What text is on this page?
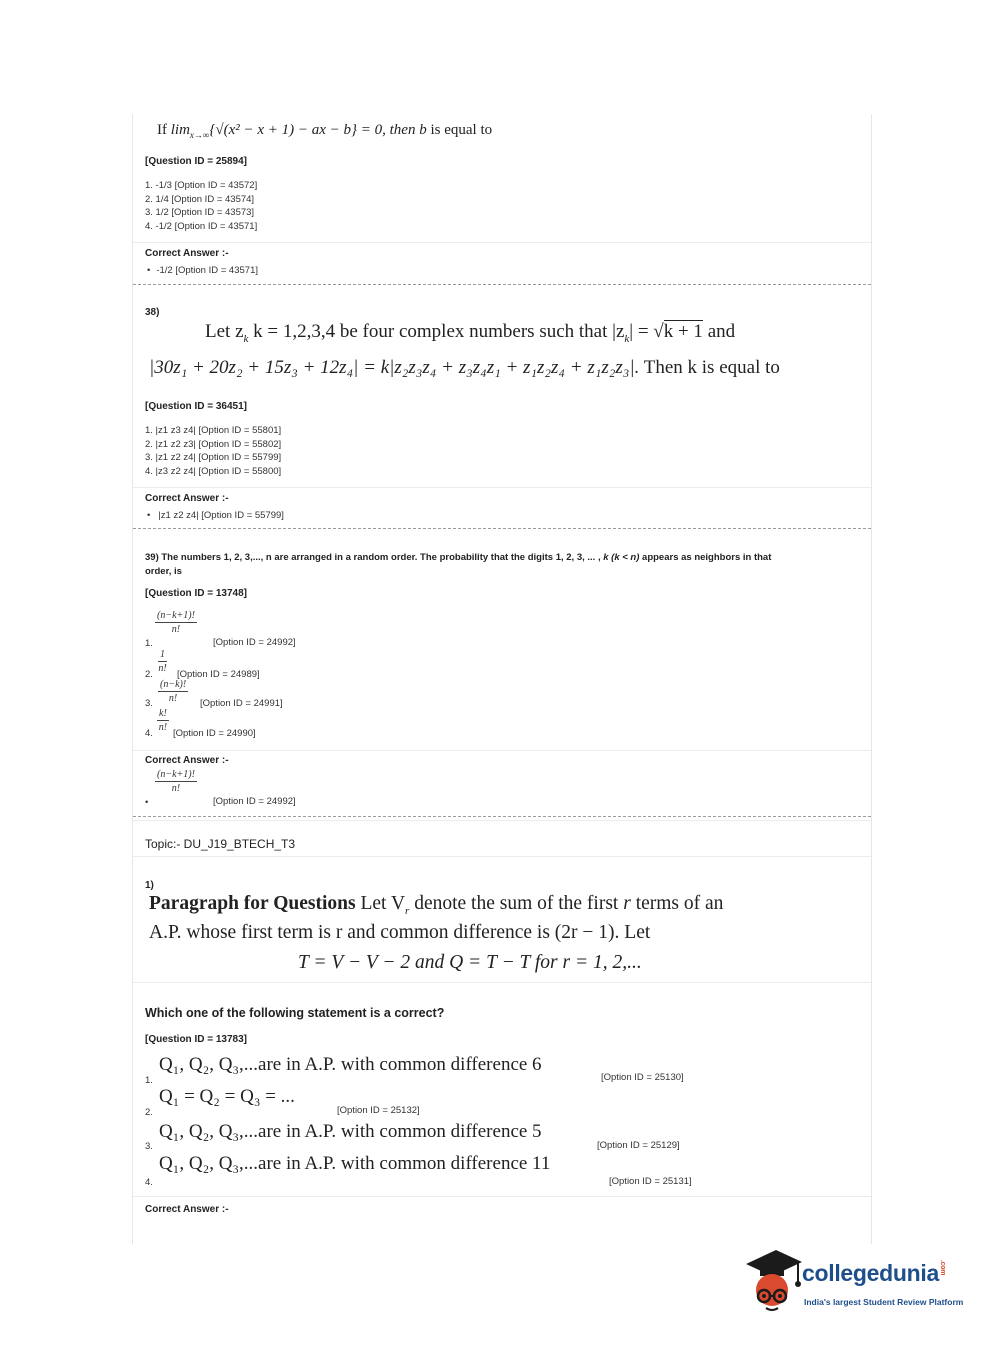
If $\lim_{x\to\infty}\{√(x^2 - x + 1)$ − ax − b} = 0, then b is equal to
[Question ID = 25894]
1. -1/3 [Option ID = 43572]
2. 1/4 [Option ID = 43574]
3. 1/2 [Option ID = 43573]
4. -1/2 [Option ID = 43571]
Correct Answer :-
• -1/2 [Option ID = 43571]
38)
Let $z_k$ k = 1,2,3,4 be four complex numbers such that $|z_k| = √k + 1$ and
|30z₁ + 20z₂ + 15z₃ + 12z₄| = k|z₂z₃z₄ + z₃z₄z₁ + z₁z₂z₄ + z₁z₂z₃|. Then k is equal to
[Question ID = 36451]
1. |z1 z3 z4| [Option ID = 55801]
2. |z1 z2 z3| [Option ID = 55802]
3. |z1 z2 z4| [Option ID = 55799]
4. |z3 z2 z4| [Option ID = 55800]
Correct Answer :-
• |z1 z2 z4| [Option ID = 55799]
39) The numbers 1, 2, 3,..., n are arranged in a random order. The probability that the digits 1, 2, 3, ... , k (k < n) appears as neighbors in that
order, is
[Question ID = 13748]
$\frac{(n-k+1)!}{n!}$
1.	[Option ID = 24992]
$\frac{1}{n!}$
2.	[Option ID = 24989]
$\frac{(n-k)!}{n!}$
3.	[Option ID = 24991]
$\frac{k!}{n!}$
4. [Option ID = 24990]
Correct Answer :-
$\frac{(n-k+1)!}{n!}$
•	[Option ID = 24992]
Topic:- DU_J19_BTECH_T3
1)
Paragraph for Questions Let $V_r$ denote the sum of the first r terms of an
A.P. whose first term is r and common difference is (2r − 1). Let
T = V − V − 2 and Q = T − T for r = 1, 2,...
Which one of the following statement is a correct?
[Question ID = 13783]
1.
Q₁, Q₂, Q₃,...are in A.P. with common difference 6
[Option ID = 25130]
2.
Q₁ = Q₂ = Q₃ = ...
[Option ID = 25132]
3.
Q₁, Q₂, Q₃,...are in A.P. with common difference 5
[Option ID = 25129]
4.
Q₁, Q₂, Q₃,...are in A.P. with common difference 11
[Option ID = 25131]
Correct Answer :-
collegedunia.com
India's largest Student Review Platform
